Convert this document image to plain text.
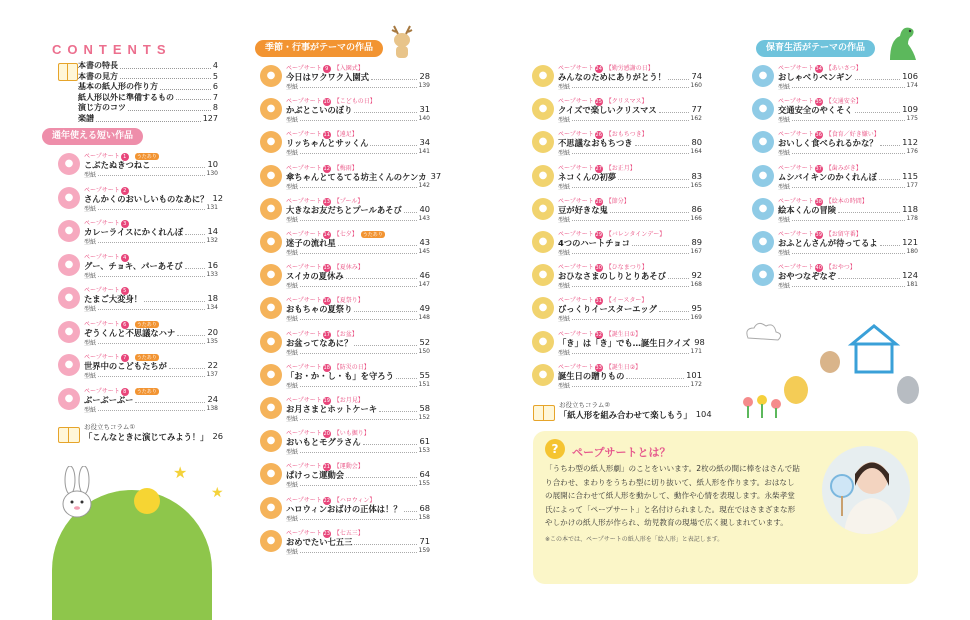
CONTENTS
本書の特長	4
本書の見方	5
基本の紙人形の作り方	6
紙人形以外に準備するもの	7
演じ方のコツ	8
楽譜	127
通年使える短い作品
季節・行事がテーマの作品	保育生活がテーマの作品
●
ペープサート 1 うたあり
こぶたぬきつねこ	10
型紙	130
●
ペープサート 2
さんかくのおいしいものなあに？ 12
型紙	131
●
ペープサート 3
カレーライスにかくれんぼ	14
型紙	132
●
ペープサート 4
グー、チョキ、パーあそび	16
型紙	133
●
ペープサート 5
たまご大変身！	18
型紙	134
●
ペープサート 6 うたあり
ぞうくんと不思議なハナ	20
型紙	135
●
ペープサート 7 うたあり
世界中のこどもたちが	22
型紙	137
●
ペープサート 8 うたあり
ぶーぶーぶー	24
型紙	138
●
ペープサート 9 【入園式】
今日はワクワク入園式	28
型紙	139
●
ペープサート 10 【こどもの日】
かぶとこいのぼり	31
型紙	140
●
ペープサート 11 【遠足】
リッちゃんとサッくん	34
型紙	141
●
ペープサート 12 【梅雨】
傘ちゃんとてるてる坊主くんのケンカ 37
型紙	142
●
ペープサート 13 【プール】
大きなお友だちとプールあそび 40
型紙	143
●
ペープサート 14 【七夕】 うたあり
迷子の流れ星	43
型紙	145
●
ペープサート 15 【夏休み】
スイカの夏休み	46
型紙	147
●
ペープサート 16 【夏祭り】
おもちゃの夏祭り	49
型紙	148
●
ペープサート 17 【お盆】
お盆ってなあに？	52
型紙	150
●
ペープサート 18 【防災の日】
「お・か・し・も」を守ろう	55
型紙	151
●
ペープサート 19 【お月見】
お月さまとホットケーキ	58
型紙	152
●
ペープサート 20 【いも掘り】
おいもとモグラさん	61
型紙	153
●
ペープサート 21 【運動会】
ぱけっこ運動会	64
型紙	155
●
ペープサート 22 【ハロウィン】
ハロウィンおばけの正体は！？ 68
型紙	158
●
ペープサート 23 【七五三】
おめでたい七五三	71
型紙	159
●
ペープサート 24 【勤労感謝の日】
みんなのためにありがとう！	74
型紙	160
●
ペープサート 25 【クリスマス】
クイズで楽しいクリスマス	77
型紙	162
●
ペープサート 26 【おもちつき】
不思議なおもちつき	80
型紙	164
●
ペープサート 27 【お正月】
ネコくんの初夢	83
型紙	165
●
ペープサート 28 【節分】
豆が好きな鬼	86
型紙	166
●
ペープサート 29 【バレンタインデー】
4つのハートチョコ	89
型紙	167
●
ペープサート 30 【ひなまつり】
おひなさまのしりとりあそび	92
型紙	168
●
ペープサート 31 【イースター】
びっくりイースターエッグ	95
型紙	169
●
ペープサート 32 【誕生日①】
「き」は「き」でも…誕生日クイズ 98
型紙	171
●
ペープサート 33 【誕生日②】
誕生日の贈りもの	101
型紙	172
●
ペープサート 34 【あいさつ】
おしゃべりペンギン	106
型紙	174
●
ペープサート 35 【交通安全】
交通安全のやくそく	109
型紙	175
●
ペープサート 36 【食育／好き嫌い】
おいしく食べられるかな？	112
型紙	176
●
ペープサート 37 【歯みがき】
ムシバイキンのかくれんぼ	115
型紙	177
●
ペープサート 38 【絵本の時間】
絵本くんの冒険	118
型紙	178
●
ペープサート 39 【お留守番】
おふとんさんが待ってるよ	121
型紙	180
●
ペープサート 40 【おやつ】
おやつなぞなぞ	124
型紙	181
お役立ちコラム①
「こんなときに演じてみよう！」 26
お役立ちコラム②
「紙人形を組み合わせて楽しもう」 104
?	ペープサートとは？
「うちわ型の紙人形劇」のことをいいます。2枚の紙の間に棒をはさんで貼り合わせ、まわりをうちわ型に切り抜いて、紙人形を作ります。おはなしの展開に合わせて紙人形を動かして、動作や心情を表現します。永柴孝堂氏によって「ペープサート」と名付けられました。現在ではさまざまな形やしかけの紙人形が作られ、幼児教育の現場で広く親しまれています。
※この本では、ペープサートの紙人形を「絵人形」と表記します。
★
★
